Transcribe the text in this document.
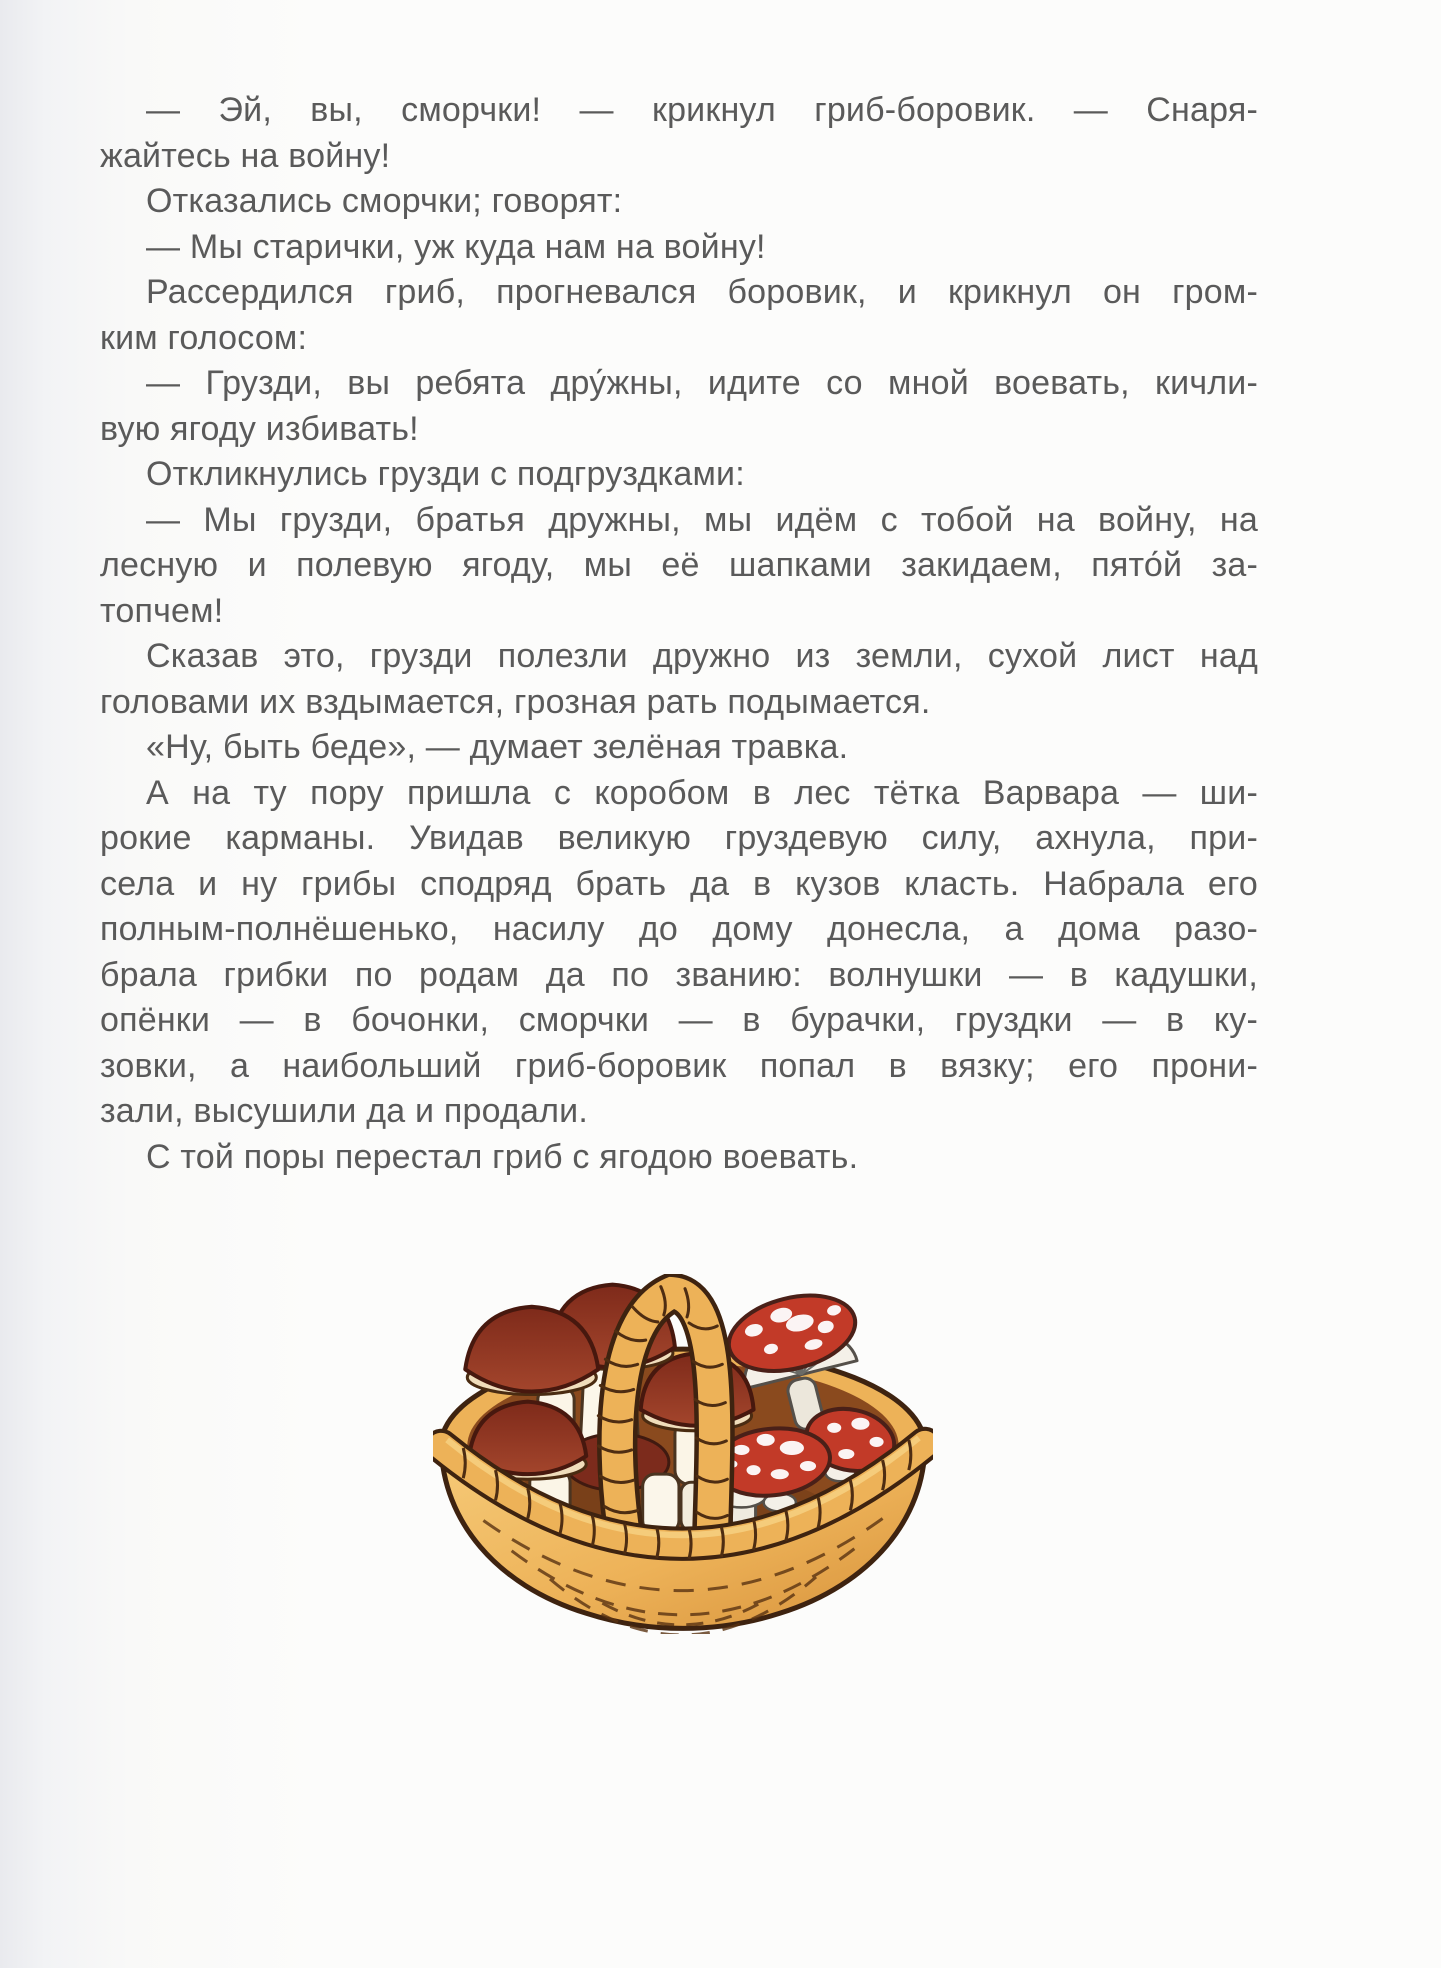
— Эй, вы, сморчки! — крикнул гриб-боровик. — Снаря-
жайтесь на войну!
Отказались сморчки; говорят:
— Мы старички, уж куда нам на войну!
Рассердился гриб, прогневался боровик, и крикнул он гром-
ким голосом:
— Грузди, вы ребята дру́жны, идите со мной воевать, кичли-
вую ягоду избивать!
Откликнулись грузди с подгруздками:
— Мы грузди, братья дружны, мы идём с тобой на войну, на
лесную и полевую ягоду, мы её шапками закидаем, пято́й за-
топчем!
Сказав это, грузди полезли дружно из земли, сухой лист над
головами их вздымается, грозная рать подымается.
«Ну, быть беде», — думает зелёная травка.
А на ту пору пришла с коробом в лес тётка Варвара — ши-
рокие карманы. Увидав великую груздевую силу, ахнула, при-
села и ну грибы сподряд брать да в кузов класть. Набрала его
полным-полнёшенько, насилу до дому донесла, а дома разо-
брала грибки по родам да по званию: волнушки — в кадушки,
опёнки — в бочонки, сморчки — в бурачки, груздки — в ку-
зовки, а наибольший гриб-боровик попал в вязку; его прони-
зали, высушили да и продали.
С той поры перестал гриб с ягодою воевать.
